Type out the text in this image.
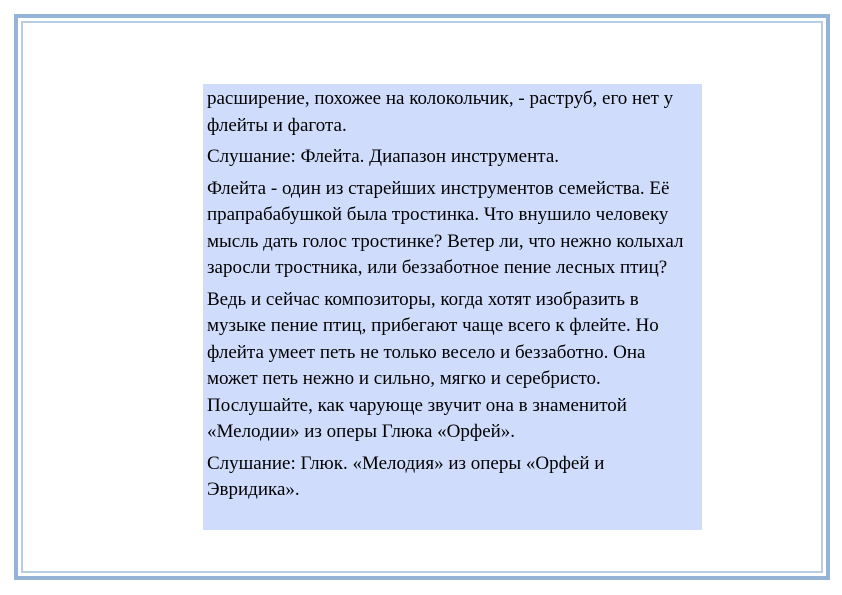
расширение, похожее на колокольчик, - раструб, его нет у флейты и фагота.

Слушание: Флейта. Диапазон инструмента.

Флейта - один из старейших инструментов семейства. Её прапрабабушкой была тростинка. Что внушило человеку мысль дать голос тростинке? Ветер ли, что нежно колыхал заросли тростника, или беззаботное пение лесных птиц?

Ведь и сейчас композиторы, когда хотят изобразить в музыке пение птиц, прибегают чаще всего к флейте. Но флейта умеет петь не только весело и беззаботно. Она может петь нежно и сильно, мягко и серебристо. Послушайте, как чарующе звучит она в знаменитой «Мелодии» из оперы Глюка «Орфей».

Слушание: Глюк. «Мелодия» из оперы «Орфей и Эвридика».
